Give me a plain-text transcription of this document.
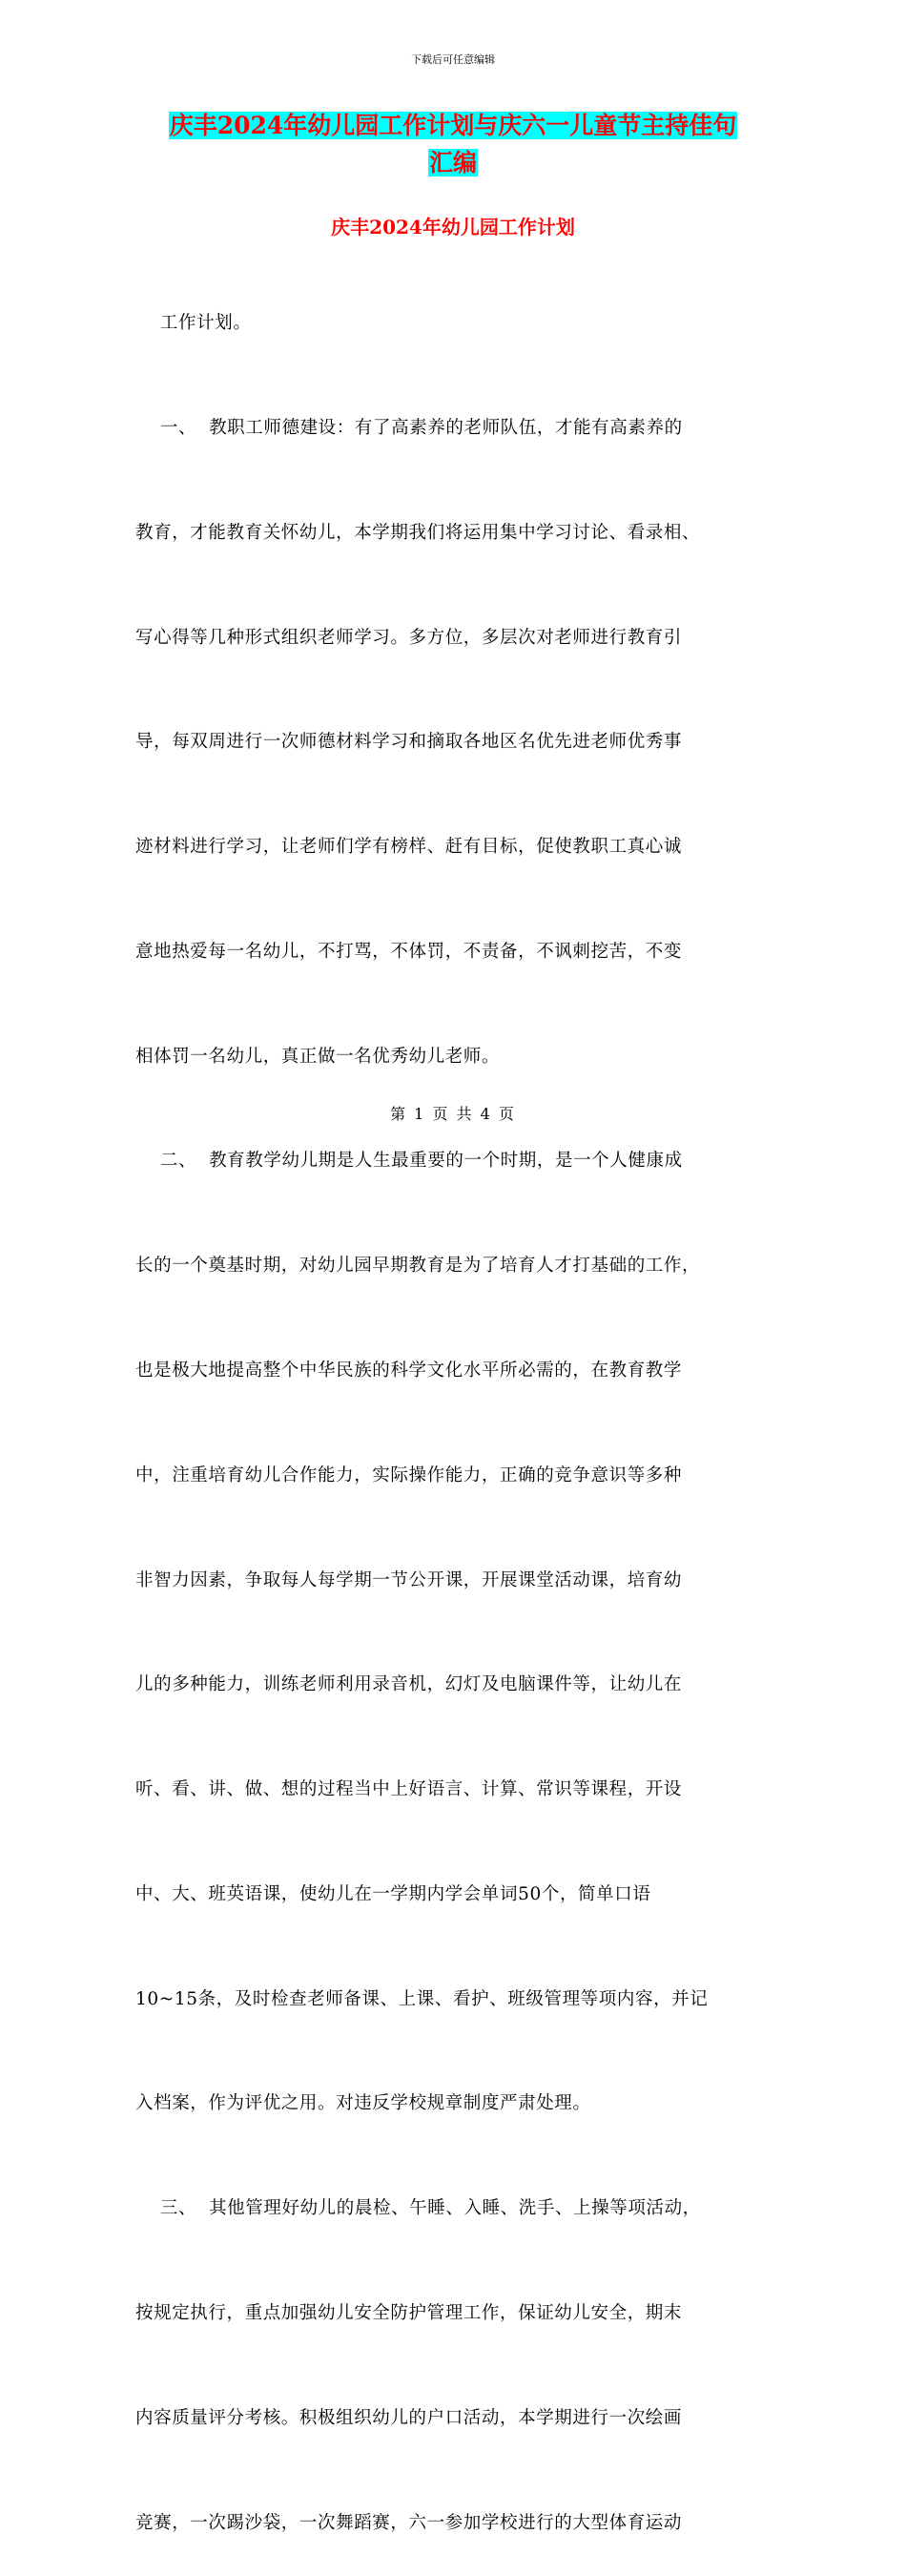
下载后可任意编辑
庆丰2024年幼儿园工作计划与庆六一儿童节主持佳句
汇编
庆丰2024年幼儿园工作计划

工作计划。

一、  教职工师德建设：有了高素养的老师队伍，才能有高素养的

教育，才能教育关怀幼儿，本学期我们将运用集中学习讨论、看录相、

写心得等几种形式组织老师学习。多方位，多层次对老师进行教育引

导，每双周进行一次师德材料学习和摘取各地区名优先进老师优秀事

迹材料进行学习，让老师们学有榜样、赶有目标，促使教职工真心诚

意地热爱每一名幼儿，不打骂，不体罚，不责备，不讽刺挖苦，不变

相体罚一名幼儿，真正做一名优秀幼儿老师。

二、  教育教学幼儿期是人生最重要的一个时期，是一个人健康成

长的一个奠基时期，对幼儿园早期教育是为了培育人才打基础的工作，

也是极大地提高整个中华民族的科学文化水平所必需的，在教育教学

中，注重培育幼儿合作能力，实际操作能力，正确的竞争意识等多种

非智力因素，争取每人每学期一节公开课，开展课堂活动课，培育幼

儿的多种能力，训练老师利用录音机，幻灯及电脑课件等，让幼儿在

听、看、讲、做、想的过程当中上好语言、计算、常识等课程，开设

中、大、班英语课，使幼儿在一学期内学会单词50个，简单口语

10~15条，及时检查老师备课、上课、看护、班级管理等项内容，并记

入档案，作为评优之用。对违反学校规章制度严肃处理。

三、  其他管理好幼儿的晨检、午睡、入睡、洗手、上操等项活动，

按规定执行，重点加强幼儿安全防护管理工作，保证幼儿安全，期末

内容质量评分考核。积极组织幼儿的户口活动，本学期进行一次绘画

竞赛，一次踢沙袋，一次舞蹈赛，六一参加学校进行的大型体育运动

第 1 页 共 4 页
